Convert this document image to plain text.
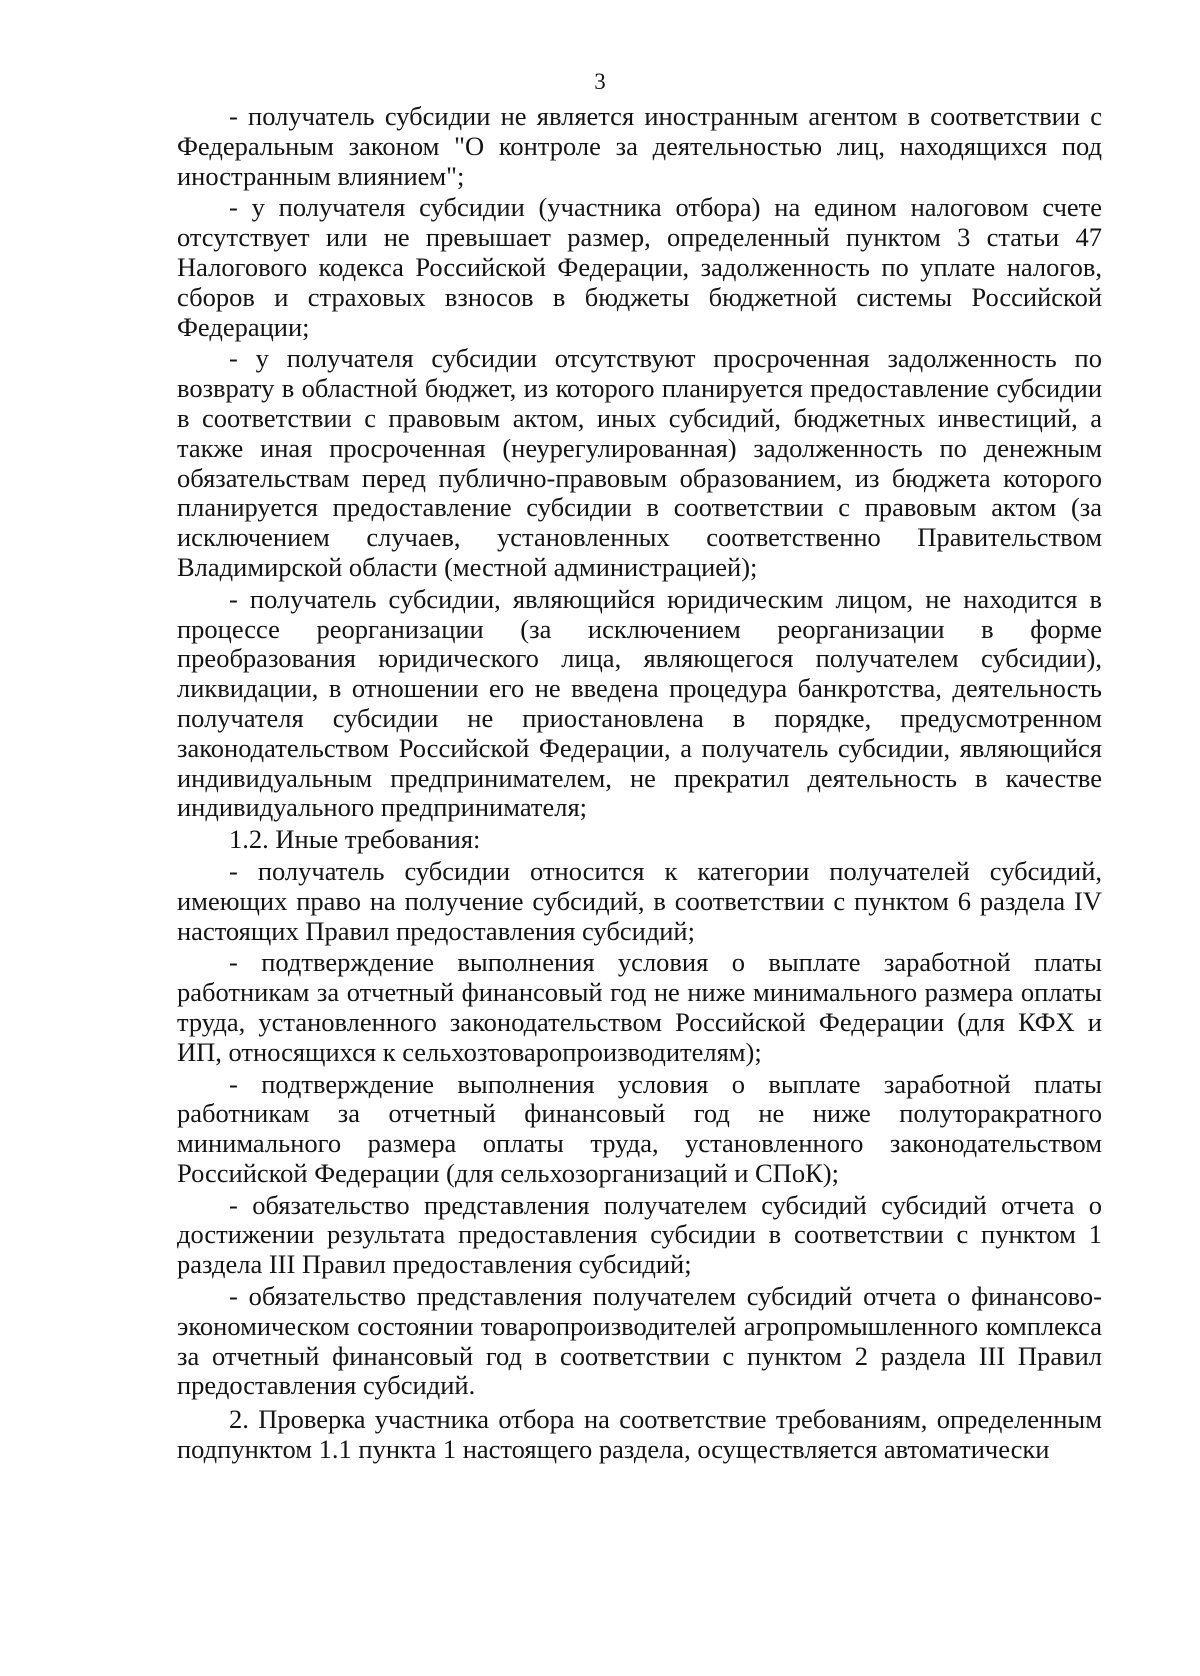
3

- получатель субсидии не является иностранным агентом в соответствии с Федеральным законом "О контроле за деятельностью лиц, находящихся под иностранным влиянием";

- у получателя субсидии (участника отбора) на едином налоговом счете отсутствует или не превышает размер, определенный пунктом 3 статьи 47 Налогового кодекса Российской Федерации, задолженность по уплате налогов, сборов и страховых взносов в бюджеты бюджетной системы Российской Федерации;

- у получателя субсидии отсутствуют просроченная задолженность по возврату в областной бюджет, из которого планируется предоставление субсидии в соответствии с правовым актом, иных субсидий, бюджетных инвестиций, а также иная просроченная (неурегулированная) задолженность по денежным обязательствам перед публично-правовым образованием, из бюджета которого планируется предоставление субсидии в соответствии с правовым актом (за исключением случаев, установленных соответственно Правительством Владимирской области (местной администрацией);

- получатель субсидии, являющийся юридическим лицом, не находится в процессе реорганизации (за исключением реорганизации в форме преобразования юридического лица, являющегося получателем субсидии), ликвидации, в отношении его не введена процедура банкротства, деятельность получателя субсидии не приостановлена в порядке, предусмотренном законодательством Российской Федерации, а получатель субсидии, являющийся индивидуальным предпринимателем, не прекратил деятельность в качестве индивидуального предпринимателя;

1.2. Иные требования:

- получатель субсидии относится к категории получателей субсидий, имеющих право на получение субсидий, в соответствии с пунктом 6 раздела IV настоящих Правил предоставления субсидий;

- подтверждение выполнения условия о выплате заработной платы работникам за отчетный финансовый год не ниже минимального размера оплаты труда, установленного законодательством Российской Федерации (для КФХ и ИП, относящихся к сельхозтоваропроизводителям);

- подтверждение выполнения условия о выплате заработной платы работникам за отчетный финансовый год не ниже полуторакратного минимального размера оплаты труда, установленного законодательством Российской Федерации (для сельхозорганизаций и СПоК);

- обязательство представления получателем субсидий субсидий отчета о достижении результата предоставления субсидии в соответствии с пунктом 1 раздела III Правил предоставления субсидий;

- обязательство представления получателем субсидий отчета о финансово-экономическом состоянии товаропроизводителей агропромышленного комплекса за отчетный финансовый год в соответствии с пунктом 2 раздела III Правил предоставления субсидий.

2. Проверка участника отбора на соответствие требованиям, определенным подпунктом 1.1 пункта 1 настоящего раздела, осуществляется автоматически
